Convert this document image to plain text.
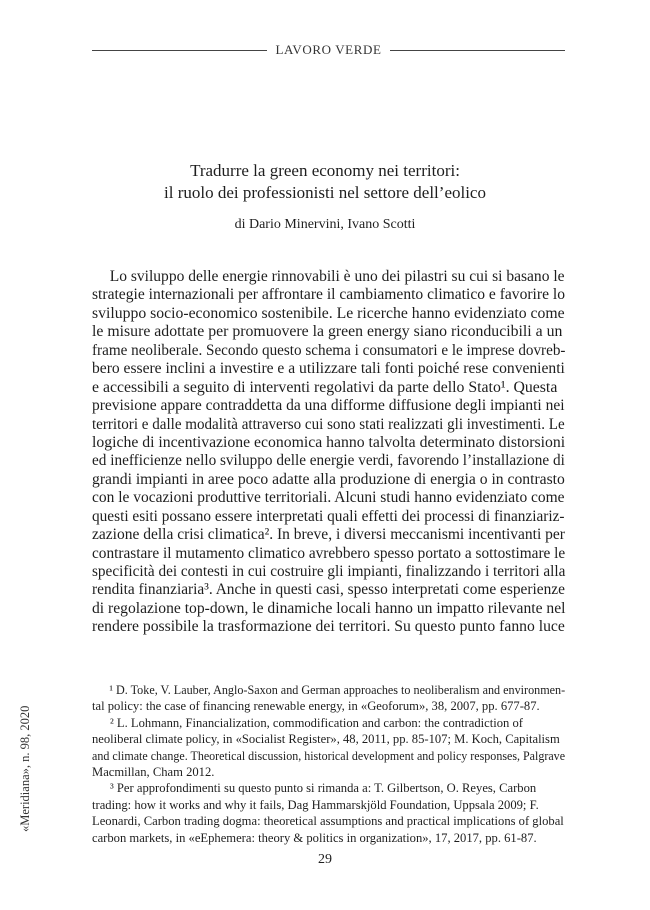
LAVORO VERDE
Tradurre la green economy nei territori:
il ruolo dei professionisti nel settore dell’eolico
di Dario Minervini, Ivano Scotti
Lo sviluppo delle energie rinnovabili è uno dei pilastri su cui si basano le
strategie internazionali per affrontare il cambiamento climatico e favorire lo
sviluppo socio-economico sostenibile. Le ricerche hanno evidenziato come
le misure adottate per promuovere la green energy siano riconducibili a un
frame neoliberale. Secondo questo schema i consumatori e le imprese dovreb-
bero essere inclini a investire e a utilizzare tali fonti poiché rese convenienti
e accessibili a seguito di interventi regolativi da parte dello Stato¹. Questa
previsione appare contraddetta da una difforme diffusione degli impianti nei
territori e dalle modalità attraverso cui sono stati realizzati gli investimenti. Le
logiche di incentivazione economica hanno talvolta determinato distorsioni
ed inefficienze nello sviluppo delle energie verdi, favorendo l’installazione di
grandi impianti in aree poco adatte alla produzione di energia o in contrasto
con le vocazioni produttive territoriali. Alcuni studi hanno evidenziato come
questi esiti possano essere interpretati quali effetti dei processi di finanziariz-
zazione della crisi climatica². In breve, i diversi meccanismi incentivanti per
contrastare il mutamento climatico avrebbero spesso portato a sottostimare le
specificità dei contesti in cui costruire gli impianti, finalizzando i territori alla
rendita finanziaria³. Anche in questi casi, spesso interpretati come esperienze
di regolazione top-down, le dinamiche locali hanno un impatto rilevante nel
rendere possibile la trasformazione dei territori. Su questo punto fanno luce
¹ D. Toke, V. Lauber, Anglo-Saxon and German approaches to neoliberalism and environmen-
tal policy: the case of financing renewable energy, in «Geoforum», 38, 2007, pp. 677-87.
² L. Lohmann, Financialization, commodification and carbon: the contradiction of
neoliberal climate policy, in «Socialist Register», 48, 2011, pp. 85-107; M. Koch, Capitalism
and climate change. Theoretical discussion, historical development and policy responses, Palgrave
Macmillan, Cham 2012.
³ Per approfondimenti su questo punto si rimanda a: T. Gilbertson, O. Reyes, Carbon
trading: how it works and why it fails, Dag Hammarskjöld Foundation, Uppsala 2009; F.
Leonardi, Carbon trading dogma: theoretical assumptions and practical implications of global
carbon markets, in «eEphemera: theory & politics in organization», 17, 2017, pp. 61-87.
«Meridiana», n. 98, 2020
29
